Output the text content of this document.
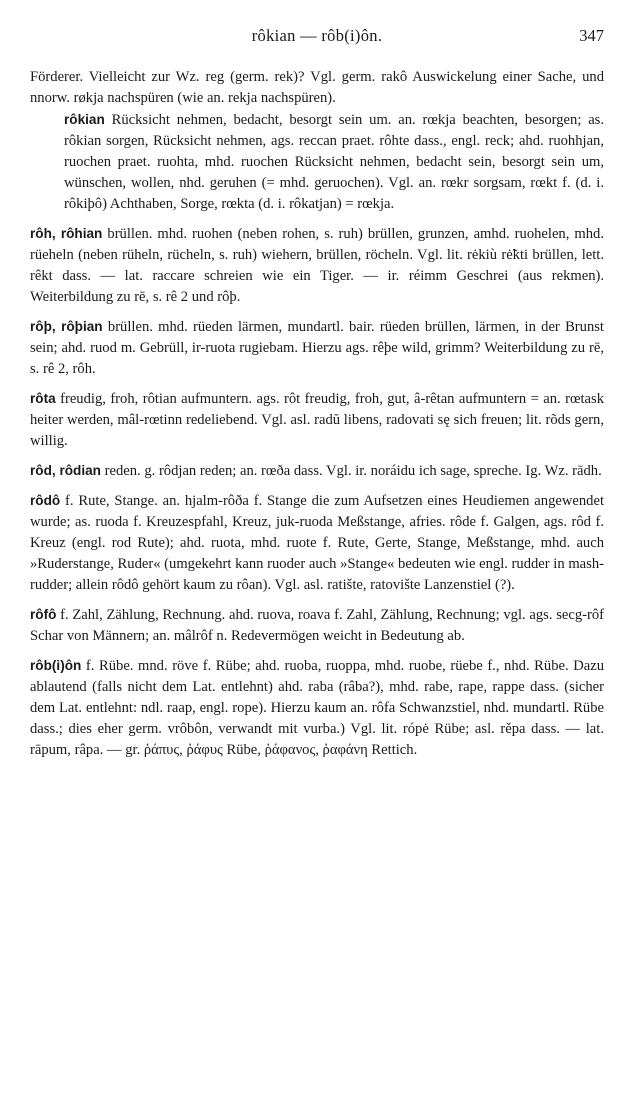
rôkian — rôb(i)ôn.	347

Förderer. Vielleicht zur Wz. reg (germ. rek)? Vgl. germ. rakô Auswickelung einer Sache, und nnorw. røkja nachspüren (wie an. rekja nachspüren).

rôkian Rücksicht nehmen, bedacht, besorgt sein um. an. rœkja beachten, besorgen; as. rôkian sorgen, Rücksicht nehmen, ags. reccan praet. rôhte dass., engl. reck; ahd. ruohhjan, ruochen praet. ruohta, mhd. ruochen Rücksicht nehmen, bedacht sein, besorgt sein um, wünschen, wollen, nhd. geruhen (= mhd. geruochen). Vgl. an. rœkr sorgsam, rœkt f. (d. i. rôkiþô) Achthaben, Sorge, rœkta (d. i. rôkatjan) = rœkja.

rôh, rôhian brüllen. mhd. ruohen (neben rohen, s. ruh) brüllen, grunzen, amhd. ruohelen, mhd. rüeheln (neben rüheln, rücheln, s. ruh) wiehern, brüllen, röcheln. Vgl. lit. rėkiù rė̃kti brüllen, lett. rêkt dass. — lat. raccare schreien wie ein Tiger. — ir. réimm Geschrei (aus rekmen). Weiterbildung zu rē, s. rê 2 und rôþ.

rôþ, rôþian brüllen. mhd. rüeden lärmen, mundartl. bair. rüeden brüllen, lärmen, in der Brunst sein; ahd. ruod m. Gebrüll, ir-ruota rugiebam. Hierzu ags. rêþe wild, grimm? Weiterbildung zu rē, s. rê 2, rôh.

rôta freudig, froh, rôtian aufmuntern. ags. rôt freudig, froh, gut, â-rêtan aufmuntern = an. rœtask heiter werden, mâl-rœtinn redeliebend. Vgl. asl. radŭ libens, radovati sę sich freuen; lit. rõds gern, willig.

rôd, rôdian reden. g. rôdjan reden; an. rœða dass. Vgl. ir. noráidu ich sage, spreche. Ig. Wz. rādh.

rôdô f. Rute, Stange. an. hjalm-rôða f. Stange die zum Aufsetzen eines Heudiemen angewendet wurde; as. ruoda f. Kreuzespfahl, Kreuz, juk-ruoda Meßstange, afries. rôde f. Galgen, ags. rôd f. Kreuz (engl. rod Rute); ahd. ruota, mhd. ruote f. Rute, Gerte, Stange, Meßstange, mhd. auch »Ruderstange, Ruder« (umgekehrt kann ruoder auch »Stange« bedeuten wie engl. rudder in mash-rudder; allein rôdô gehört kaum zu rôan). Vgl. asl. ratište, ratovište Lanzenstiel (?).

rôfô f. Zahl, Zählung, Rechnung. ahd. ruova, roava f. Zahl, Zählung, Rechnung; vgl. ags. secg-rôf Schar von Männern; an. mâlrôf n. Redevermögen weicht in Bedeutung ab.

rôb(i)ôn f. Rübe. mnd. röve f. Rübe; ahd. ruoba, ruoppa, mhd. ruobe, rüebe f., nhd. Rübe. Dazu ablautend (falls nicht dem Lat. entlehnt) ahd. raba (râba?), mhd. rabe, rape, rappe dass. (sicher dem Lat. entlehnt: ndl. raap, engl. rope). Hierzu kaum an. rôfa Schwanzstiel, nhd. mundartl. Rübe dass.; dies eher germ. vrôbôn, verwandt mit vurba.) Vgl. lit. rópė Rübe; asl. rěpa dass. — lat. rāpum, râpa. — gr. ῥάπυς, ῥάφυς Rübe, ῥάφανος, ῥαφάνη Rettich.
